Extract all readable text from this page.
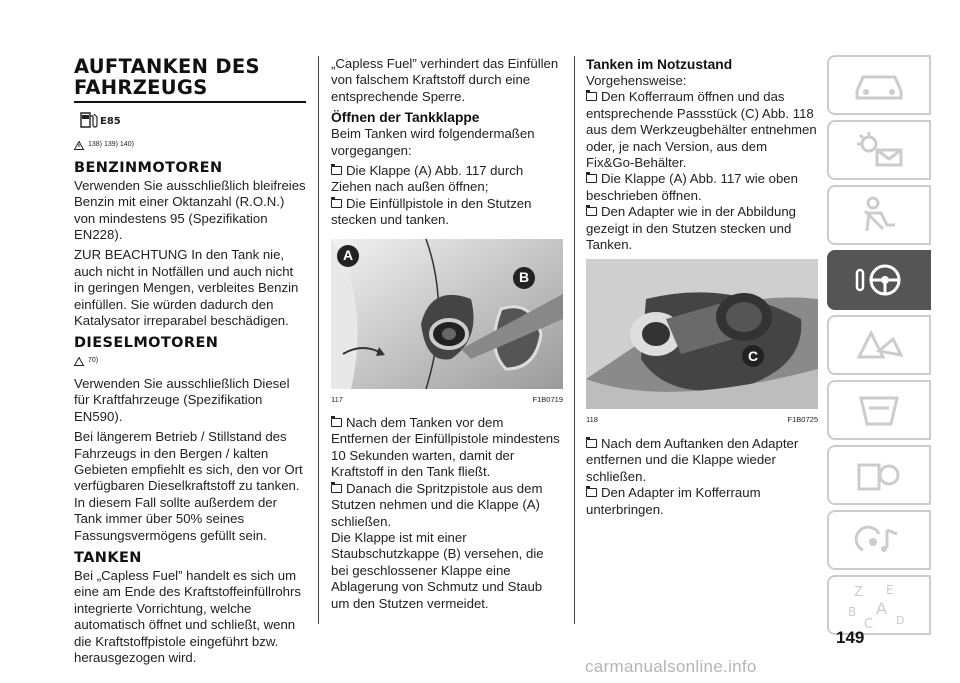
AUFTANKEN DES
FAHRZEUGS
E85
138) 139) 140)
BENZINMOTOREN

Verwenden Sie ausschließlich bleifreies Benzin mit einer Oktanzahl (R.O.N.) von mindestens 95 (Spezifikation EN228).

ZUR BEACHTUNG In den Tank nie, auch nicht in Notfällen und auch nicht in geringen Mengen, verbleites Benzin einfüllen. Sie würden dadurch den Katalysator irreparabel beschädigen.

DIESELMOTOREN
70)

Verwenden Sie ausschließlich Diesel für Kraftfahrzeuge (Spezifikation EN590).

Bei längerem Betrieb / Stillstand des Fahrzeugs in den Bergen / kalten Gebieten empfiehlt es sich, den vor Ort verfügbaren Dieselkraftstoff zu tanken. In diesem Fall sollte außerdem der Tank immer über 50% seines Fassungsvermögens gefüllt sein.

TANKEN

Bei „Capless Fuel” handelt es sich um eine am Ende des Kraftstoffeinfüllrohrs integrierte Vorrichtung, welche automatisch öffnet und schließt, wenn die Kraftstoffpistole eingeführt bzw. herausgezogen wird.

„Capless Fuel” verhindert das Einfüllen von falschem Kraftstoff durch eine entsprechende Sperre.

Öffnen der Tankklappe

Beim Tanken wird folgendermaßen vorgegangen:

Die Klappe (A) Abb. 117 durch Ziehen nach außen öffnen;

Die Einfüllpistole in den Stutzen stecken und tanken.

A
B
117	F1B0719

Nach dem Tanken vor dem Entfernen der Einfüllpistole mindestens 10 Sekunden warten, damit der Kraftstoff in den Tank fließt.

Danach die Spritzpistole aus dem Stutzen nehmen und die Klappe (A) schließen.

Die Klappe ist mit einer Staubschutzkappe (B) versehen, die bei geschlossener Klappe eine Ablagerung von Schmutz und Staub um den Stutzen vermeidet.

Tanken im Notzustand

Vorgehensweise:

Den Kofferraum öffnen und das entsprechende Passstück (C) Abb. 118 aus dem Werkzeugbehälter entnehmen oder, je nach Version, aus dem Fix&Go-Behälter.

Die Klappe (A) Abb. 117 wie oben beschrieben öffnen.

Den Adapter wie in der Abbildung gezeigt in den Stutzen stecken und Tanken.

C
118	F1B0725

Nach dem Auftanken den Adapter entfernen und die Klappe wieder schließen.

Den Adapter im Kofferraum unterbringen.

Z E
B A
C D
149
carmanualsonline.info
